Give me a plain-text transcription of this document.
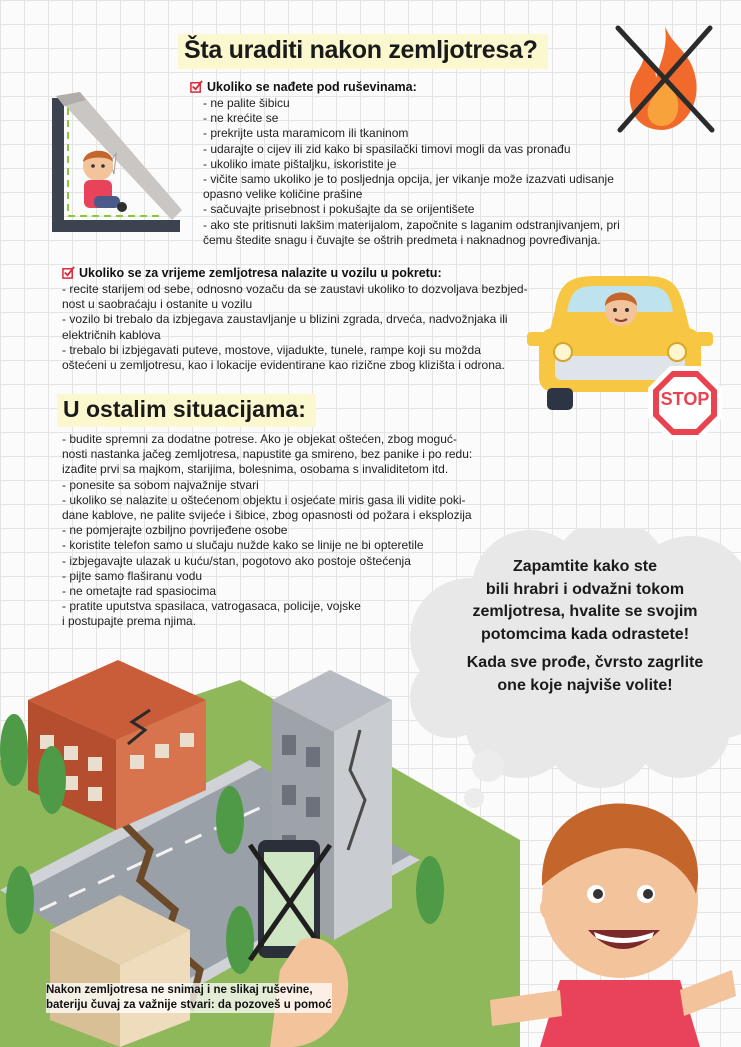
Šta uraditi nakon zemljotresa?
Ukoliko se nađete pod ruševinama:
- ne palite šibicu
- ne krećite se
- prekrijte usta maramicom ili tkaninom
- udarajte o cijev ili zid kako bi spasilački timovi mogli da vas pronađu
- ukoliko imate pištaljku, iskoristite je
- vičite samo ukoliko je to posljednja opcija, jer vikanje može izazvati udisanje
opasno velike količine prašine
- sačuvajte prisebnost i pokušajte da se orijentišete
- ako ste pritisnuti lakšim materijalom, započnite s laganim odstranjivanjem, pri
čemu štedite snagu i čuvajte se oštrih predmeta i naknadnog povređivanja.
Ukoliko se za vrijeme zemljotresa nalazite u vozilu u pokretu:
- recite starijem od sebe, odnosno vozaču da se zaustavi ukoliko to dozvoljava bezbjed-
nost u saobraćaju i ostanite u vozilu
- vozilo bi trebalo da izbjegava zaustavljanje u blizini zgrada, drveća, nadvožnjaka ili
električnih kablova
- trebalo bi izbjegavati puteve, mostove, vijadukte, tunele, rampe koji su možda
oštećeni u zemljotresu, kao i lokacije evidentirane kao rizične zbog klizišta i odrona.
STOP
U ostalim situacijama:
- budite spremni za dodatne potrese. Ako je objekat oštećen, zbog moguć-
nosti nastanka jačeg zemljotresa, napustite ga smireno, bez panike i po redu:
izađite prvi sa majkom, starijima, bolesnima, osobama s invaliditetom itd.
- ponesite sa sobom najvažnije stvari
- ukoliko se nalazite u oštećenom objektu i osjećate miris gasa ili vidite poki-
dane kablove, ne palite svijeće i šibice, zbog opasnosti od požara i eksplozija
- ne pomjerajte ozbiljno povrijeđene osobe
- koristite telefon samo u slučaju nužde kako se linije ne bi opteretile
- izbjegavajte ulazak u kuću/stan, pogotovo ako postoje oštećenja
- pijte samo flaširanu vodu
- ne ometajte rad spasiocima
- pratite uputstva spasilaca, vatrogasaca, policije, vojske
i postupajte prema njima.
Zapamtite kako ste
bili hrabri i odvažni tokom
zemljotresa, hvalite se svojim
potomcima kada odrastete!
Kada sve prođe, čvrsto zagrlite
one koje najviše volite!
Nakon zemljotresa ne snimaj i ne slikaj ruševine,
bateriju čuvaj za važnije stvari: da pozoveš u pomoć
